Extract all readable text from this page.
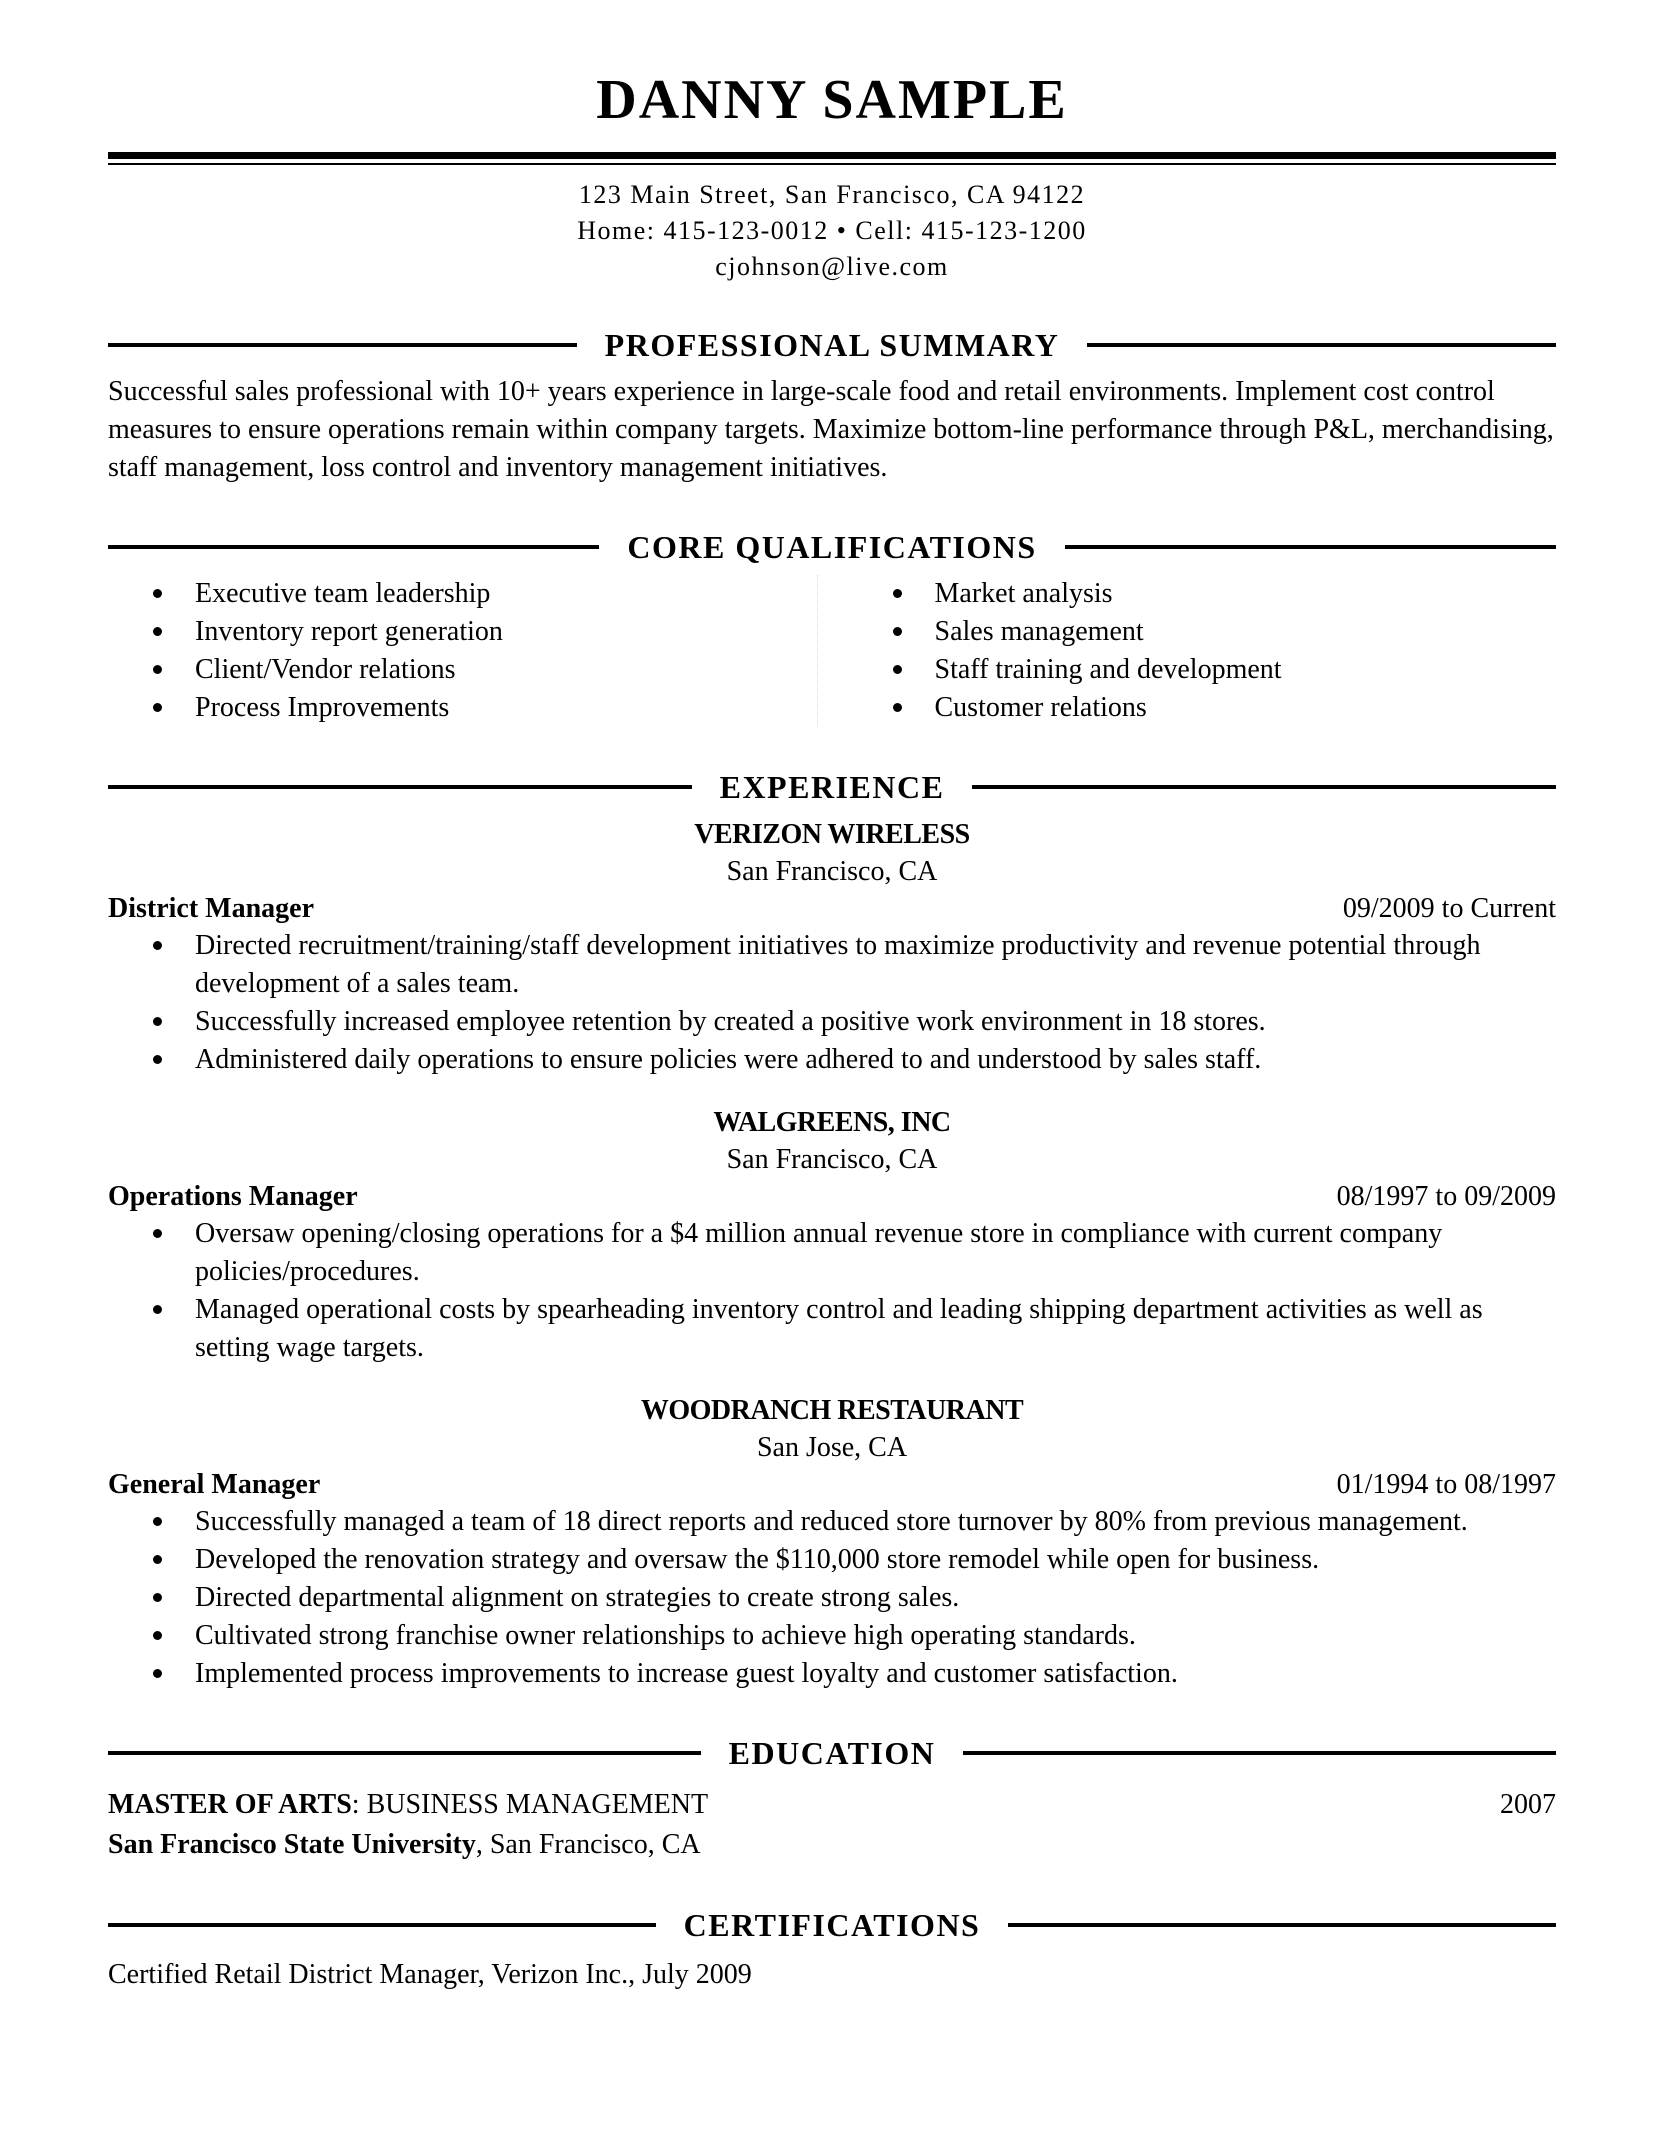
DANNY SAMPLE
123 Main Street, San Francisco, CA 94122
Home: 415-123-0012 • Cell: 415-123-1200
cjohnson@live.com
PROFESSIONAL SUMMARY
Successful sales professional with 10+ years experience in large-scale food and retail environments. Implement cost control measures to ensure operations remain within company targets. Maximize bottom-line performance through P&L, merchandising, staff management, loss control and inventory management initiatives.
CORE QUALIFICATIONS
Executive team leadership
Inventory report generation
Client/Vendor relations
Process Improvements
Market analysis
Sales management
Staff training and development
Customer relations
EXPERIENCE
VERIZON WIRELESS
San Francisco, CA
District Manager	09/2009 to Current
Directed recruitment/training/staff development initiatives to maximize productivity and revenue potential through development of a sales team.
Successfully increased employee retention by created a positive work environment in 18 stores.
Administered daily operations to ensure policies were adhered to and understood by sales staff.
WALGREENS, INC
San Francisco, CA
Operations Manager	08/1997 to 09/2009
Oversaw opening/closing operations for a $4 million annual revenue store in compliance with current company policies/procedures.
Managed operational costs by spearheading inventory control and leading shipping department activities as well as setting wage targets.
WOODRANCH RESTAURANT
San Jose, CA
General Manager	01/1994 to 08/1997
Successfully managed a team of 18 direct reports and reduced store turnover by 80% from previous management.
Developed the renovation strategy and oversaw the $110,000 store remodel while open for business.
Directed departmental alignment on strategies to create strong sales.
Cultivated strong franchise owner relationships to achieve high operating standards.
Implemented process improvements to increase guest loyalty and customer satisfaction.
EDUCATION
MASTER OF ARTS: BUSINESS MANAGEMENT	2007
San Francisco State University, San Francisco, CA
CERTIFICATIONS
Certified Retail District Manager, Verizon Inc., July 2009
